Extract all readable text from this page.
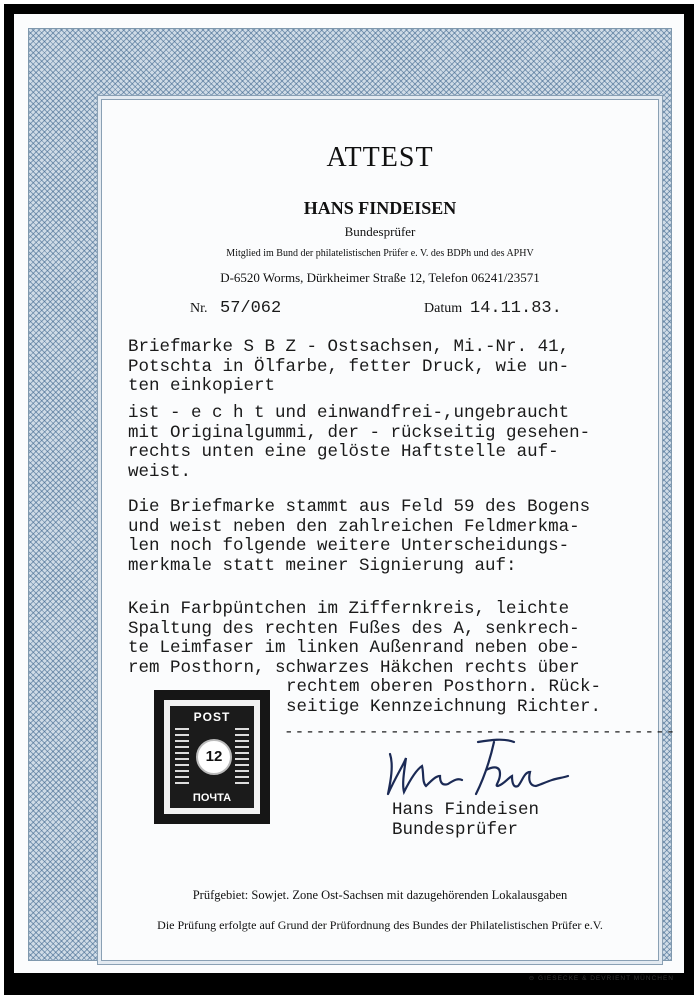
ATTEST
HANS FINDEISEN
Bundesprüfer
Mitglied im Bund der philatelistischen Prüfer e. V. des BDPh und des APHV
D-6520 Worms, Dürkheimer Straße 12, Telefon 06241/23571
Nr. 57/062	Datum 14.11.83.
Briefmarke S B Z - Ostsachsen, Mi.-Nr. 41,
Potschta in Ölfarbe, fetter Druck, wie un-
ten einkopiert
ist - e c h t und einwandfrei-,ungebraucht
mit Originalgummi, der - rückseitig gesehen-
rechts unten eine gelöste Haftstelle auf-
weist.
Die Briefmarke stammt aus Feld 59 des Bogens
und weist neben den zahlreichen Feldmerkma-
len noch folgende weitere Unterscheidungs-
merkmale statt meiner Signierung auf:
Kein Farbpüntchen im Ziffernkreis, leichte
Spaltung des rechten Fußes des A, senkrech-
te Leimfaser im linken Außenrand neben obe-
rem Posthorn, schwarzes Häkchen rechts über
rechtem oberen Posthorn. Rück-
seitige Kennzeichnung Richter.
-------------------------------------
POST
12
ПОЧТА
Hans Findeisen
Bundesprüfer
Prüfgebiet: Sowjet. Zone Ost-Sachsen mit dazugehörenden Lokalausgaben
Die Prüfung erfolgte auf Grund der Prüfordnung des Bundes der Philatelistischen Prüfer e.V.
⊖ GIESECKE & DEVRIENT MÜNCHEN
